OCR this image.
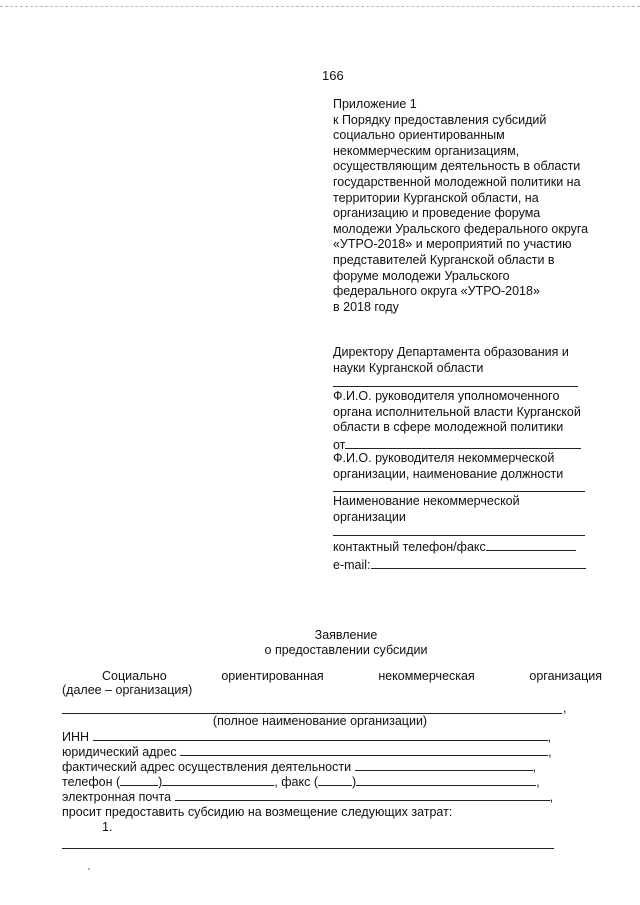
166
Приложение 1
к Порядку предоставления субсидий
социально ориентированным
некоммерческим организациям,
осуществляющим деятельность в области
государственной молодежной политики на
территории Курганской области, на
организацию и проведение форума
молодежи Уральского федерального округа
«УТРО-2018» и мероприятий по участию
представителей Курганской области в
форуме молодежи Уральского
федерального округа «УТРО-2018»
в 2018 году
Директору Департамента образования и
науки Курганской области
Ф.И.О. руководителя уполномоченного
органа исполнительной власти Курганской
области в сфере молодежной политики
от
Ф.И.О. руководителя некоммерческой
организации, наименование должности
Наименование некоммерческой
организации
контактный телефон/факс
e-mail:
Заявление
о предоставлении субсидии
Социально	ориентированная	некоммерческая	организация
(далее – организация)
,
(полное наименование организации)
ИНН	,
юридический адрес	,
фактический адрес осуществления деятельности	,
телефон (	)	, факс (	)	,
электронная почта	,
просит предоставить субсидию на возмещение следующих затрат:
1.
